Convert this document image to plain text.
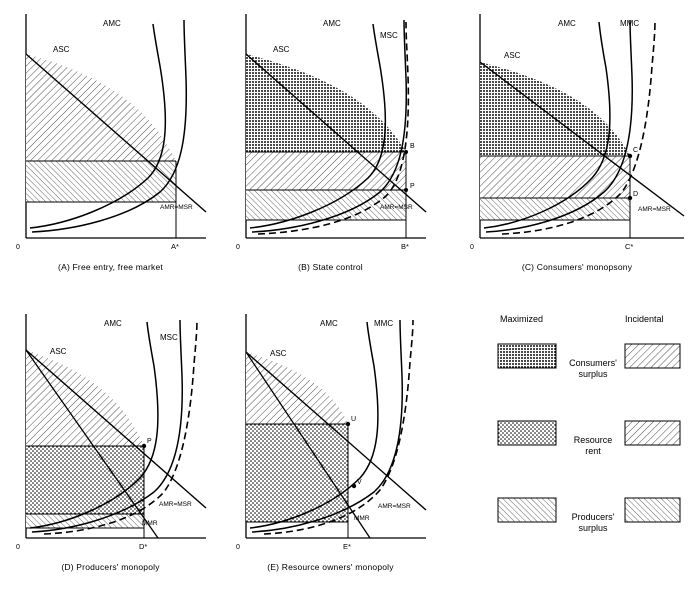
ASC
AMC
AMR=MSR
0	A*
(A) Free entry, free market
ASC
AMC
MSC
B
P
AMR=MSR
0	B*
(B) State control
ASC
AMC	MMC
C
D
AMR=MSR
0	C*
(C) Consumers' monopsony
ASC
AMC
MSC
P
AMR=MSR
MMR
0	D*
(D) Producers' monopoly
ASC
AMC	MMC
U
V
AMR=MSR
MMR
0	E*
(E) Resource owners' monopoly
Maximized	Incidental
Consumers'
surplus
Resource
rent
Producers'
surplus
